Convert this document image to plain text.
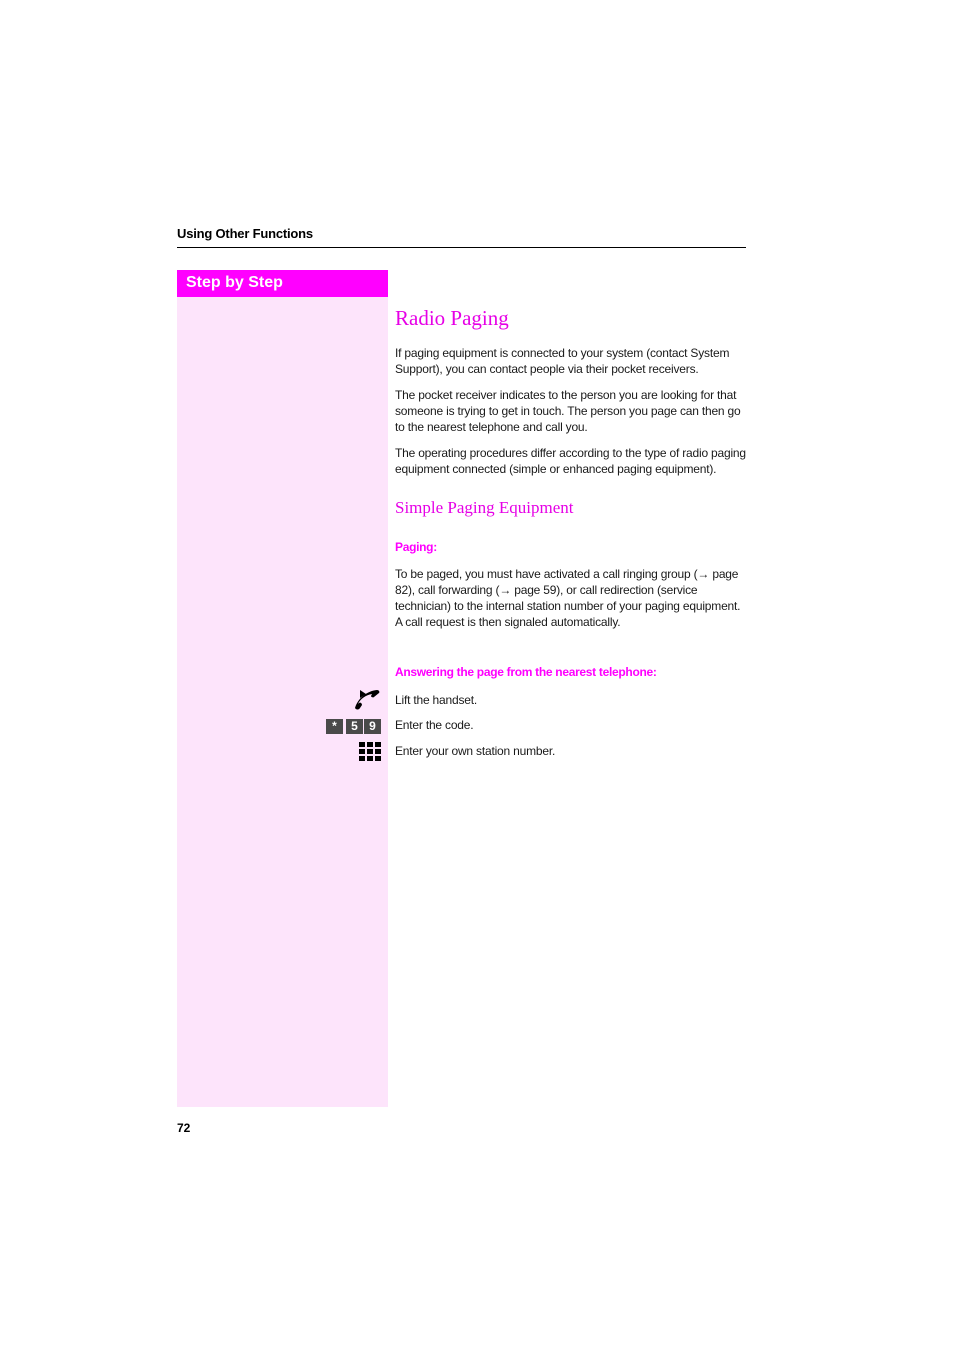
Using Other Functions
Step by Step
Radio Paging
If paging equipment is connected to your system (contact System Support), you can contact people via their pocket receivers.
The pocket receiver indicates to the person you are looking for that someone is trying to get in touch. The person you page can then go to the nearest telephone and call you.
The operating procedures differ according to the type of radio paging equipment connected (simple or enhanced paging equipment).
Simple Paging Equipment
Paging:
To be paged, you must have activated a call ringing group (→ page 82), call forwarding (→ page 59), or call redirection (service technician) to the internal station number of your paging equipment.
A call request is then signaled automatically.
Answering the page from the nearest telephone:
Lift the handset.
*	5 9	Enter the code.
Enter your own station number.
72
